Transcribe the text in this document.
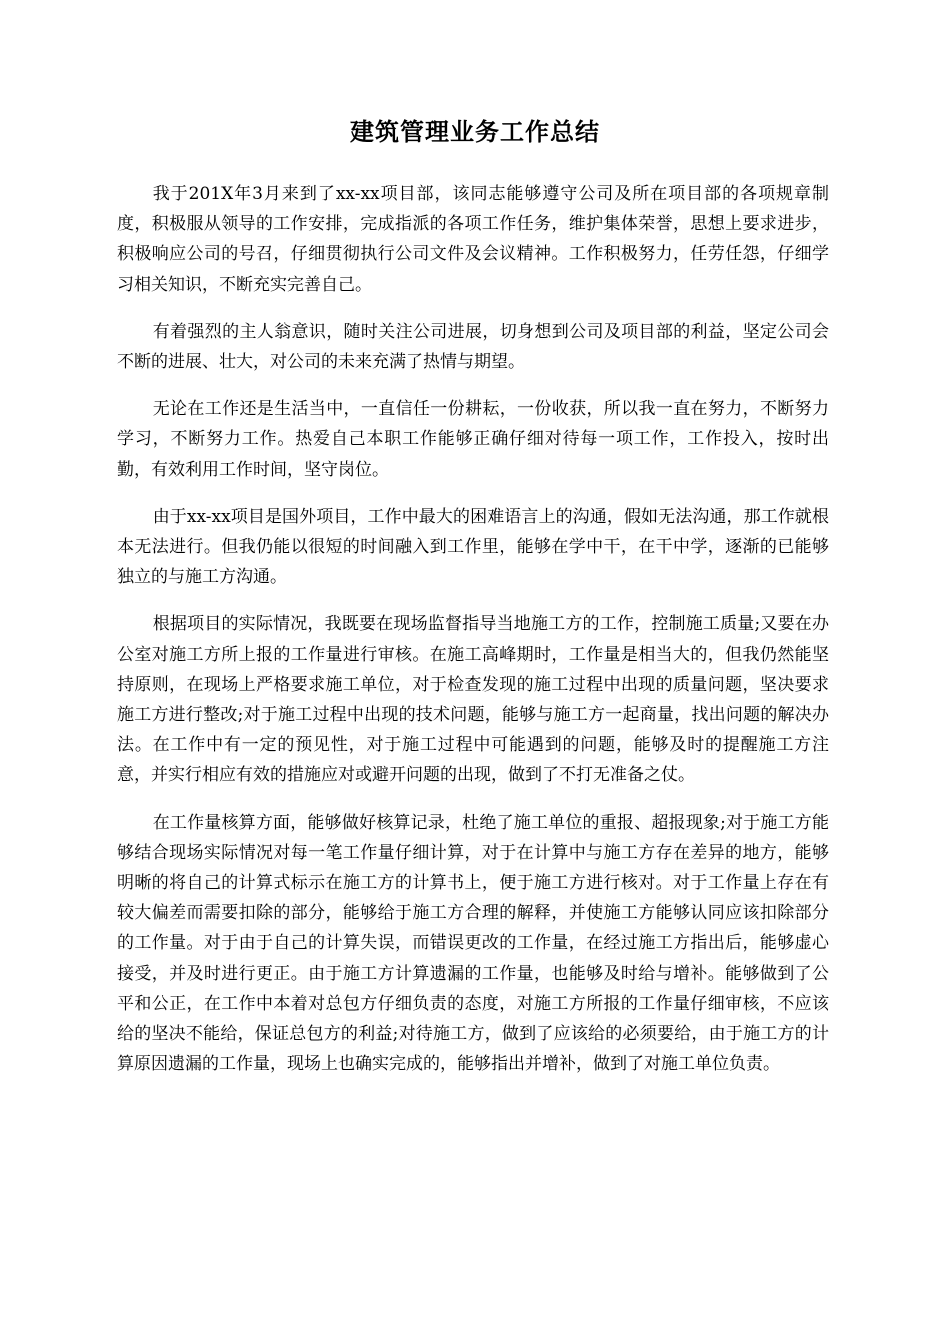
建筑管理业务工作总结

我于201X年3月来到了xx-xx项目部，该同志能够遵守公司及所在项目部的各项规章制度，积极服从领导的工作安排，完成指派的各项工作任务，维护集体荣誉，思想上要求进步，积极响应公司的号召，仔细贯彻执行公司文件及会议精神。工作积极努力，任劳任怨，仔细学习相关知识，不断充实完善自己。

有着强烈的主人翁意识，随时关注公司进展，切身想到公司及项目部的利益，坚定公司会不断的进展、壮大，对公司的未来充满了热情与期望。

无论在工作还是生活当中，一直信任一份耕耘，一份收获，所以我一直在努力，不断努力学习，不断努力工作。热爱自己本职工作能够正确仔细对待每一项工作，工作投入，按时出勤，有效利用工作时间，坚守岗位。

由于xx-xx项目是国外项目，工作中最大的困难语言上的沟通，假如无法沟通，那工作就根本无法进行。但我仍能以很短的时间融入到工作里，能够在学中干，在干中学，逐渐的已能够独立的与施工方沟通。

根据项目的实际情况，我既要在现场监督指导当地施工方的工作，控制施工质量;又要在办公室对施工方所上报的工作量进行审核。在施工高峰期时，工作量是相当大的，但我仍然能坚持原则，在现场上严格要求施工单位，对于检查发现的施工过程中出现的质量问题，坚决要求施工方进行整改;对于施工过程中出现的技术问题，能够与施工方一起商量，找出问题的解决办法。在工作中有一定的预见性，对于施工过程中可能遇到的问题，能够及时的提醒施工方注意，并实行相应有效的措施应对或避开问题的出现，做到了不打无准备之仗。

在工作量核算方面，能够做好核算记录，杜绝了施工单位的重报、超报现象;对于施工方能够结合现场实际情况对每一笔工作量仔细计算，对于在计算中与施工方存在差异的地方，能够明晰的将自己的计算式标示在施工方的计算书上，便于施工方进行核对。对于工作量上存在有较大偏差而需要扣除的部分，能够给于施工方合理的解释，并使施工方能够认同应该扣除部分的工作量。对于由于自己的计算失误，而错误更改的工作量，在经过施工方指出后，能够虚心接受，并及时进行更正。由于施工方计算遗漏的工作量，也能够及时给与增补。能够做到了公平和公正，在工作中本着对总包方仔细负责的态度，对施工方所报的工作量仔细审核，不应该给的坚决不能给，保证总包方的利益;对待施工方，做到了应该给的必须要给，由于施工方的计算原因遗漏的工作量，现场上也确实完成的，能够指出并增补，做到了对施工单位负责。
